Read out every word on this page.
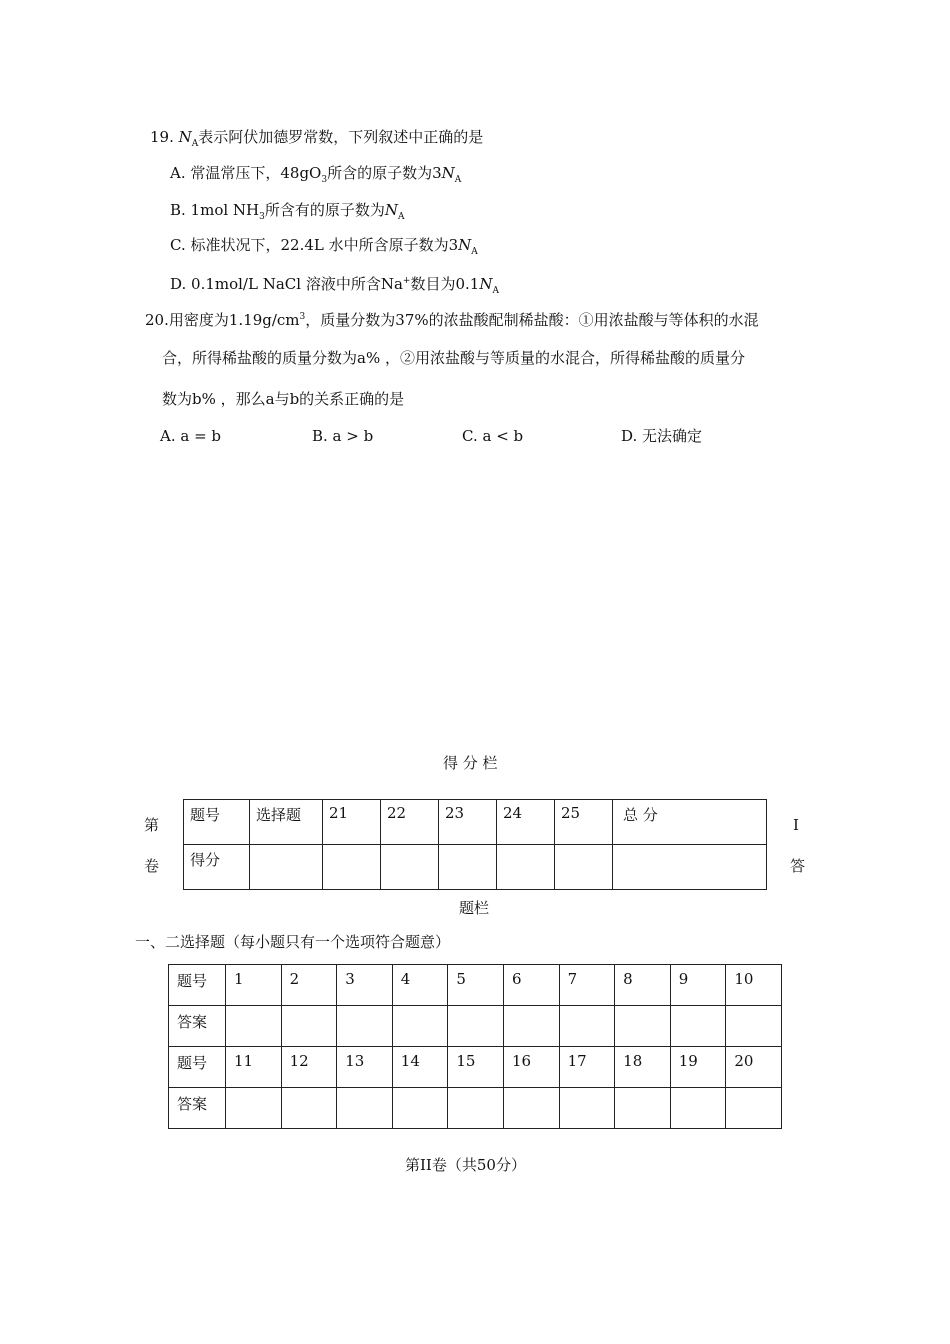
19. $N_A$表示阿伏加德罗常数，下列叙述中正确的是
A. 常温常压下，$48gO_3$所含的原子数为$3N_A$
B. 1mol $NH_3$所含有的原子数为$N_A$
C. 标准状况下，22.4L 水中所含原子数为$3N_A$
D. 0.1mol/L NaCl 溶液中所含Na+数目为$0.1N_A$
20.用密度为$1.19g/cm^3$，质量分数为37%的浓盐酸配制稀盐酸：①用浓盐酸与等体积的水混
合，所得稀盐酸的质量分数为a% ，②用浓盐酸与等质量的水混合，所得稀盐酸的质量分
数为b% ，那么a与b的关系正确的是
A. a = b	B. a > b	C. a < b	D. 无法确定
得 分 栏
第
卷
I
答
题号	选择题	21	22	23	24	25	总 分
得分							
题栏
一、二选择题（每小题只有一个选项符合题意）
题号	1	2	3	4	5	6	7	8	9	10
答案										
题号	11	12	13	14	15	16	17	18	19	20
答案										
第II卷（共50分）
